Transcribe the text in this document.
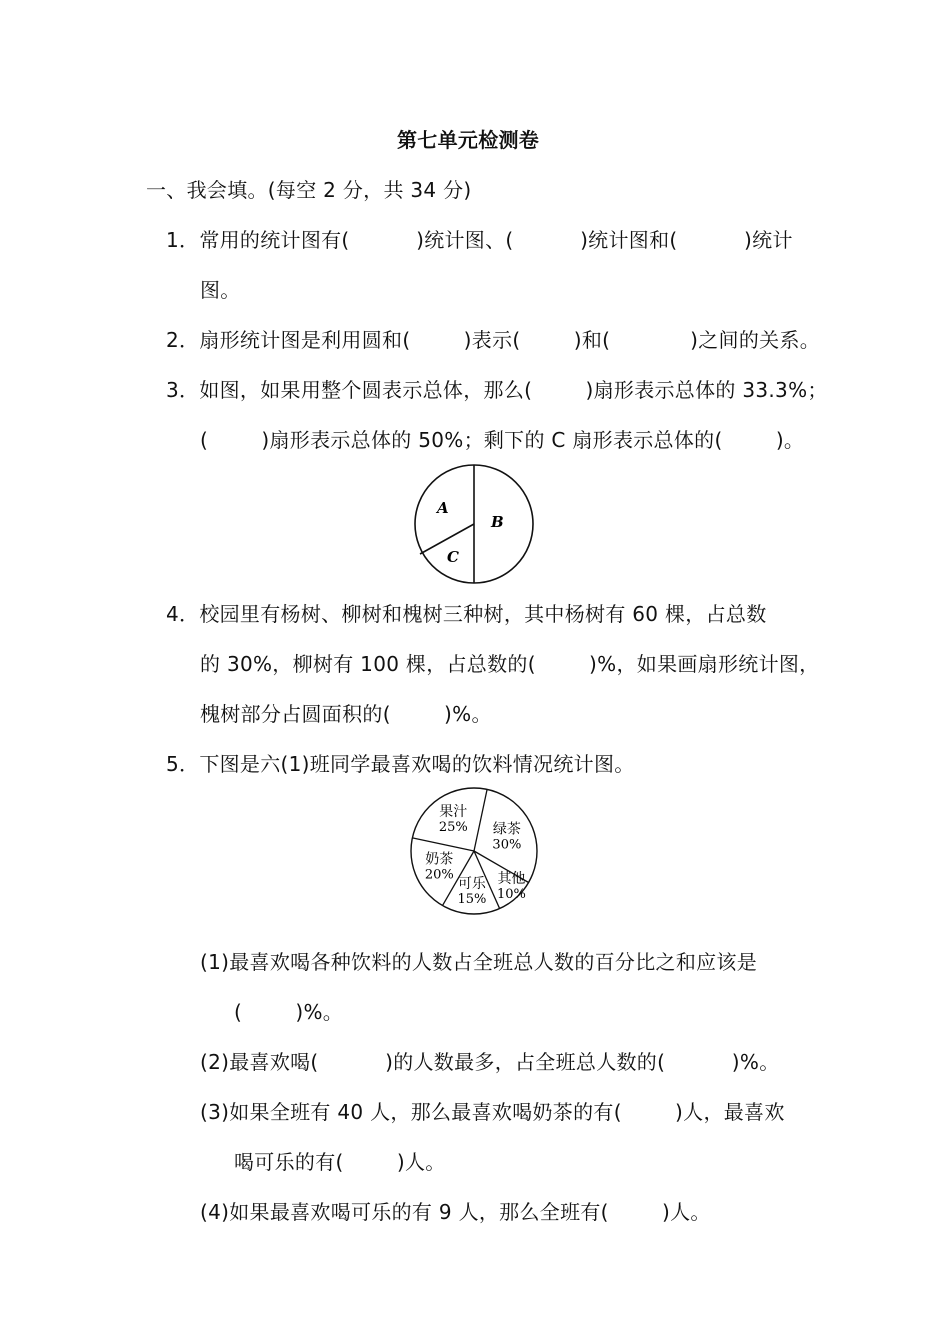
第七单元检测卷
一、我会填。(每空 2 分，共 34 分)
1．常用的统计图有(          )统计图、(          )统计图和(          )统计
图。
2．扇形统计图是利用圆和(        )表示(        )和(            )之间的关系。
3．如图，如果用整个圆表示总体，那么(        )扇形表示总体的 33.3%；
(        )扇形表示总体的 50%；剩下的 C 扇形表示总体的(        )。
A
B
C
4．校园里有杨树、柳树和槐树三种树，其中杨树有 60 棵，占总数
的 30%，柳树有 100 棵，占总数的(        )%，如果画扇形统计图，
槐树部分占圆面积的(        )%。
5．下图是六(1)班同学最喜欢喝的饮料情况统计图。
绿茶
30%
其他
10%
可乐
15%
奶茶
20%
果汁
25%
(1)最喜欢喝各种饮料的人数占全班总人数的百分比之和应该是
(        )%。
(2)最喜欢喝(          )的人数最多，占全班总人数的(          )%。
(3)如果全班有 40 人，那么最喜欢喝奶茶的有(        )人，最喜欢
喝可乐的有(        )人。
(4)如果最喜欢喝可乐的有 9 人，那么全班有(        )人。
